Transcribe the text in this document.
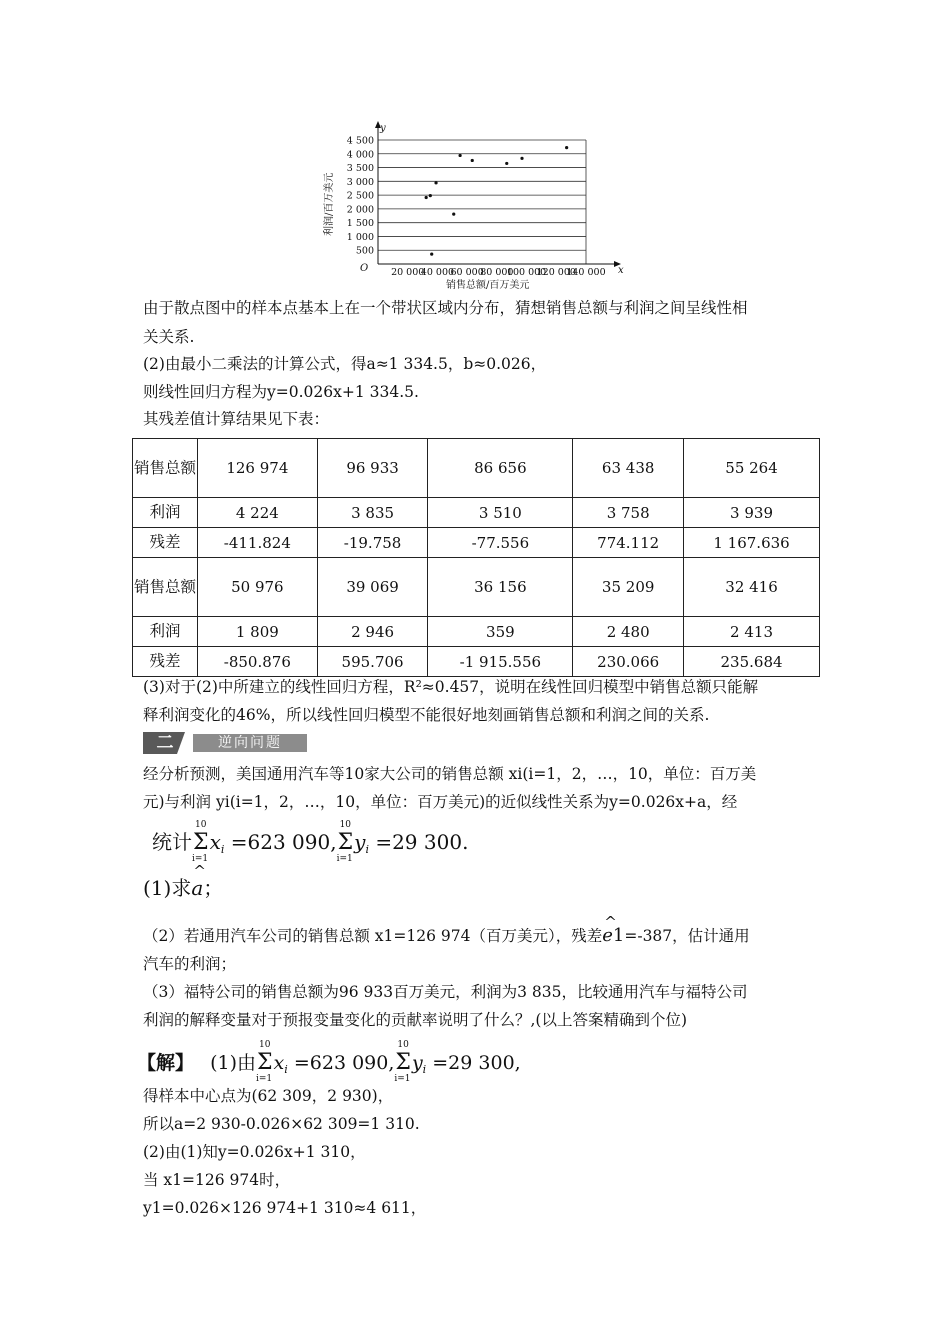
500
1 000
1 500
2 000
2 500
3 000
3 500
4 000
4 500
20 000
40 000
60 000
80 000
100 000
120 000
140 000
y
x
O
销售总额/百万美元
利润/百万美元
由于散点图中的样本点基本上在一个带状区域内分布，猜想销售总额与利润之间呈线性相
关关系.
(2)由最小二乘法的计算公式，得a≈1 334.5，b≈0.026，
则线性回归方程为y=0.026x+1 334.5.
其残差值计算结果见下表：
销售总额	126 974	96 933	86 656	63 438	55 264
利润	4 224	3 835	3 510	3 758	3 939
残差	-411.824	-19.758	-77.556	774.112	1 167.636
销售总额	50 976	39 069	36 156	35 209	32 416
利润	1 809	2 946	359	2 480	2 413
残差	-850.876	595.706	-1 915.556	230.066	235.684
(3)对于(2)中所建立的线性回归方程，R²≈0.457，说明在线性回归模型中销售总额只能解
释利润变化的46%，所以线性回归模型不能很好地刻画销售总额和利润之间的关系.
二	逆向问题
经分析预测，美国通用汽车等10家大公司的销售总额 xi(i=1，2，…，10，单位：百万美
元)与利润 yi(i=1，2，…，10，单位：百万美元)的近似线性关系为y=0.026x+a，经
统计Σ
10
i=1
$x_i =623$ 090,Σ
10
i=1
$y_i =29$ 300.
(1)求^ a；
（2）若通用汽车公司的销售总额 x1=126 974（百万美元），残差^ e1=-387，估计通用
汽车的利润；
（3）福特公司的销售总额为96 933百万美元，利润为3 835，比较通用汽车与福特公司
利润的解释变量对于预报变量变化的贡献率说明了什么？,(以上答案精确到个位)
【解】 (1)由Σ
10
i=1
$x_i =623$ 090,Σ
10
i=1
$y_i =29$ 300,
得样本中心点为(62 309，2 930)，
所以a=2 930-0.026×62 309=1 310.
(2)由(1)知y=0.026x+1 310，
当 x1=126 974时，
y1=0.026×126 974+1 310≈4 611，
